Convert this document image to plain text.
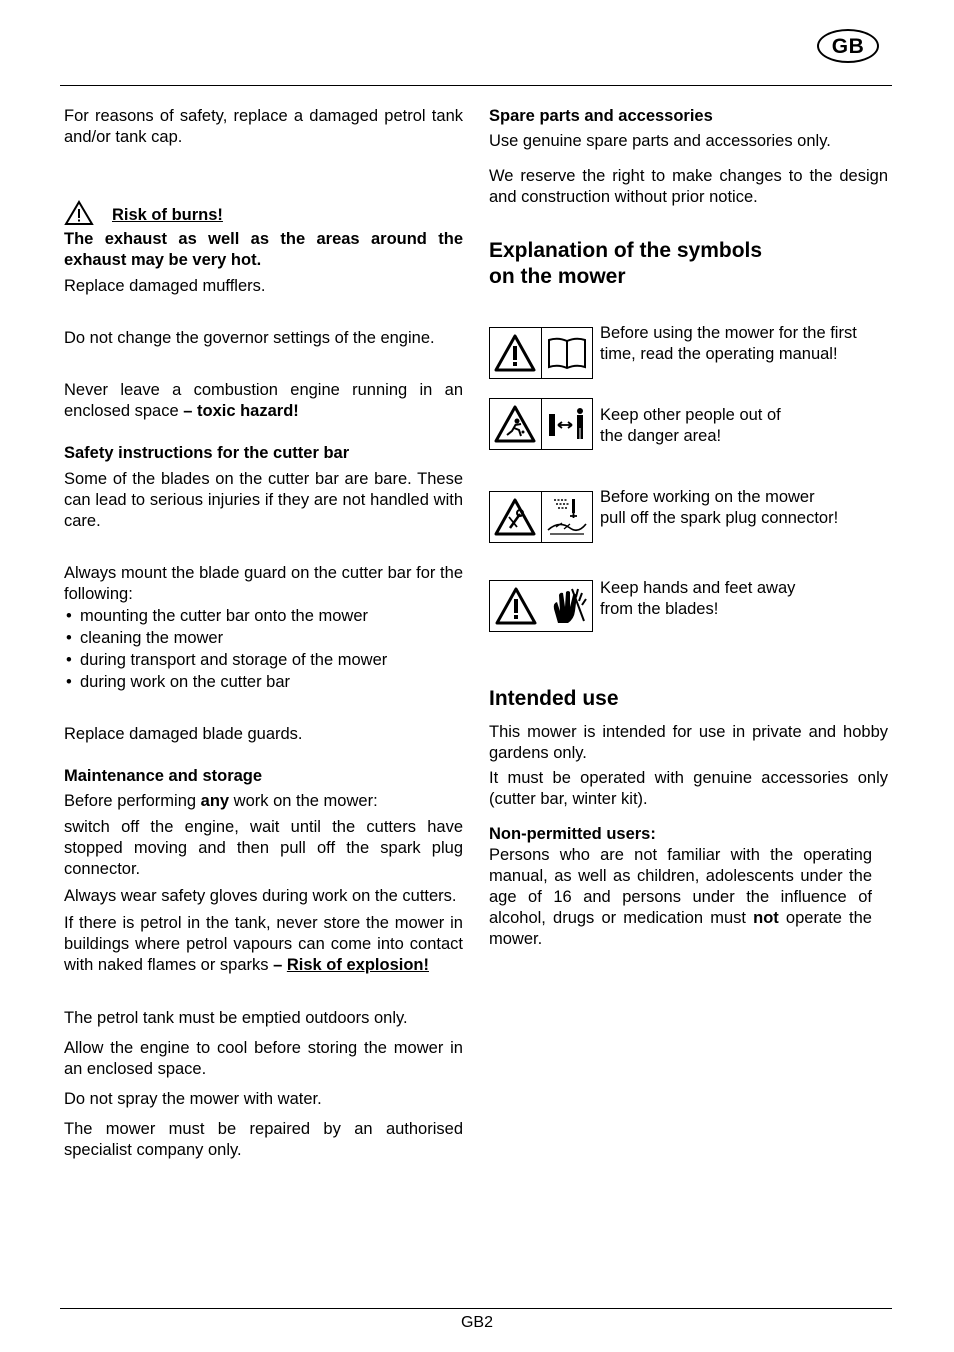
GB

For reasons of safety, replace a damaged petrol tank and/or tank cap.

Risk of burns!

The exhaust as well as the areas around the exhaust may be very hot.

Replace damaged mufflers.

Do not change the governor settings of the engine.

Never leave a combustion engine running in an enclosed space – toxic hazard!

Safety instructions for the cutter bar

Some of the blades on the cutter bar are bare. These can lead to serious injuries if they are not handled with care.

Always mount the blade guard on the cutter bar for the following:

• mounting the cutter bar onto the mower
• cleaning the mower
• during transport and storage of the mower
• during work on the cutter bar

Replace damaged blade guards.

Maintenance and storage

Before performing any work on the mower:

switch off the engine, wait until the cutters have stopped moving and then pull off the spark plug connector.

Always wear safety gloves during work on the cutters.

If there is petrol in the tank, never store the mower in buildings where petrol vapours can come into contact with naked flames or sparks – Risk of explosion!

The petrol tank must be emptied outdoors only.

Allow the engine to cool before storing the mower in an enclosed space.

Do not spray the mower with water.

The mower must be repaired by an authorised specialist company only.

Spare parts and accessories

Use genuine spare parts and accessories only.

We reserve the right to make changes to the design and construction without prior notice.

Explanation of the symbols
on the mower
Before using the mower for the first
time, read the operating manual!
Keep other people out of
the danger area!
Before working on the mower
pull off the spark plug connector!
Keep hands and feet away
from the blades!
Intended use

This mower is intended for use in private and hobby gardens only.

It must be operated with genuine accessories only (cutter bar, winter kit).

Non-permitted users:

Persons who are not familiar with the operating manual, as well as children, adolescents under the age of 16 and persons under the influence of alcohol, drugs or medication must not operate the mower.

GB2
